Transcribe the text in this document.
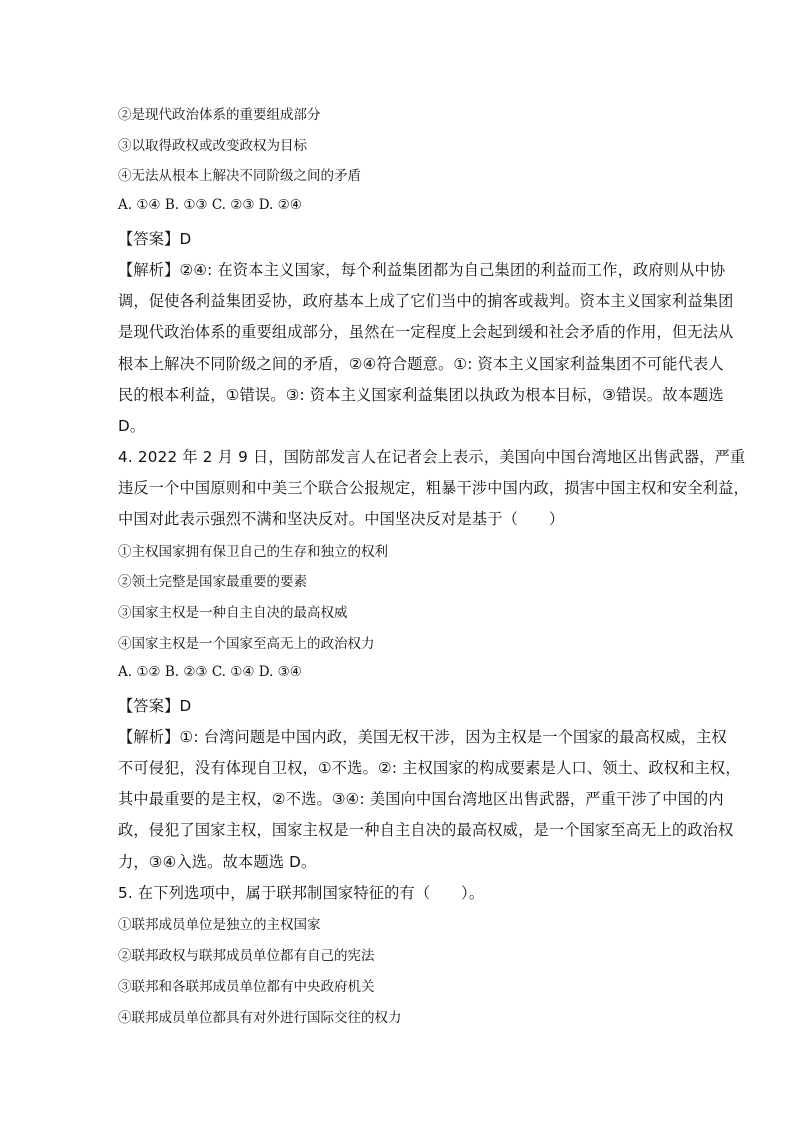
②是现代政治体系的重要组成部分
③以取得政权或改变政权为目标
④无法从根本上解决不同阶级之间的矛盾
A. ①④ B. ①③ C. ②③ D. ②④
【答案】D
【解析】②④: 在资本主义国家，每个利益集团都为自己集团的利益而工作，政府则从中协
调，促使各利益集团妥协，政府基本上成了它们当中的掮客或裁判。资本主义国家利益集团
是现代政治体系的重要组成部分，虽然在一定程度上会起到缓和社会矛盾的作用，但无法从
根本上解决不同阶级之间的矛盾，②④符合题意。①: 资本主义国家利益集团不可能代表人
民的根本利益，①错误。③: 资本主义国家利益集团以执政为根本目标，③错误。故本题选
D。
4. 2022 年 2 月 9 日，国防部发言人在记者会上表示，美国向中国台湾地区出售武器，严重
违反一个中国原则和中美三个联合公报规定，粗暴干涉中国内政，损害中国主权和安全利益，
中国对此表示强烈不满和坚决反对。中国坚决反对是基于（　　）
①主权国家拥有保卫自己的生存和独立的权利
②领土完整是国家最重要的要素
③国家主权是一种自主自决的最高权威
④国家主权是一个国家至高无上的政治权力
A. ①② B. ②③ C. ①④ D. ③④
【答案】D
【解析】①: 台湾问题是中国内政，美国无权干涉，因为主权是一个国家的最高权威，主权
不可侵犯，没有体现自卫权，①不选。②: 主权国家的构成要素是人口、领土、政权和主权，
其中最重要的是主权，②不选。③④: 美国向中国台湾地区出售武器，严重干涉了中国的内
政，侵犯了国家主权，国家主权是一种自主自决的最高权威，是一个国家至高无上的政治权
力，③④入选。故本题选 D。
5. 在下列选项中，属于联邦制国家特征的有（　　）。
①联邦成员单位是独立的主权国家
②联邦政权与联邦成员单位都有自己的宪法
③联邦和各联邦成员单位都有中央政府机关
④联邦成员单位都具有对外进行国际交往的权力
